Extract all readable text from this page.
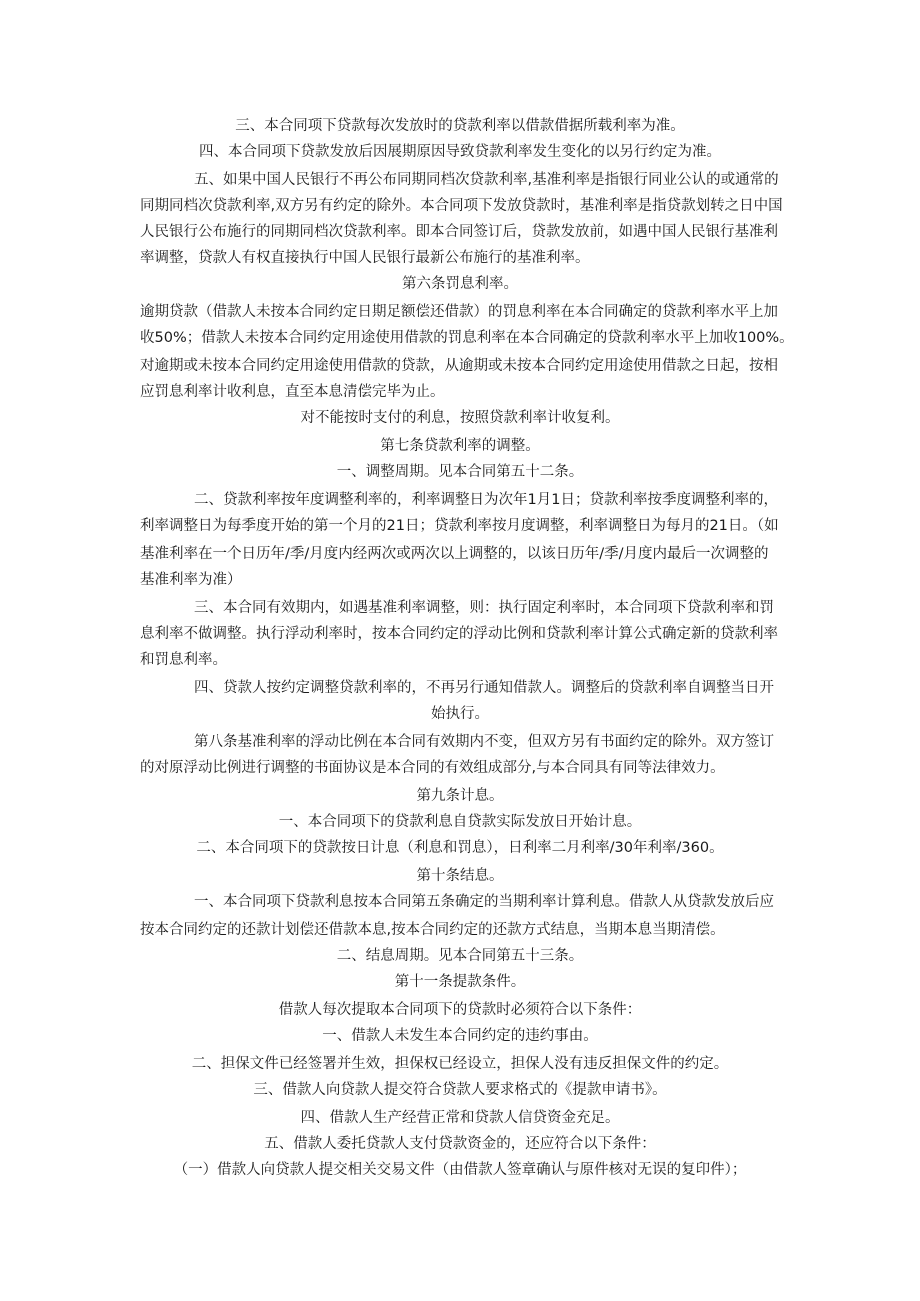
三、本合同项下贷款每次发放时的贷款利率以借款借据所载利率为准。

四、本合同项下贷款发放后因展期原因导致贷款利率发生变化的以另行约定为准。

五、如果中国人民银行不再公布同期同档次贷款利率,基准利率是指银行同业公认的或通常的

同期同档次贷款利率,双方另有约定的除外。本合同项下发放贷款时，基准利率是指贷款划转之日中国

人民银行公布施行的同期同档次贷款利率。即本合同签订后，贷款发放前，如遇中国人民银行基准利

率调整，贷款人有权直接执行中国人民银行最新公布施行的基准利率。

第六条罚息利率。

逾期贷款（借款人未按本合同约定日期足额偿还借款）的罚息利率在本合同确定的贷款利率水平上加

收50%；借款人未按本合同约定用途使用借款的罚息利率在本合同确定的贷款利率水平上加收100%。

对逾期或未按本合同约定用途使用借款的贷款，从逾期或未按本合同约定用途使用借款之日起，按相

应罚息利率计收利息，直至本息清偿完毕为止。

对不能按时支付的利息，按照贷款利率计收复利。

第七条贷款利率的调整。

一、调整周期。见本合同第五十二条。

二、贷款利率按年度调整利率的，利率调整日为次年1月1日；贷款利率按季度调整利率的，

利率调整日为每季度开始的第一个月的21日；贷款利率按月度调整，利率调整日为每月的21日。（如

基准利率在一个日历年/季/月度内经两次或两次以上调整的，以该日历年/季/月度内最后一次调整的

基准利率为准）

三、本合同有效期内，如遇基准利率调整，则：执行固定利率时，本合同项下贷款利率和罚

息利率不做调整。执行浮动利率时，按本合同约定的浮动比例和贷款利率计算公式确定新的贷款利率

和罚息利率。

四、贷款人按约定调整贷款利率的，不再另行通知借款人。调整后的贷款利率自调整当日开

始执行。

第八条基准利率的浮动比例在本合同有效期内不变，但双方另有书面约定的除外。双方签订

的对原浮动比例进行调整的书面协议是本合同的有效组成部分,与本合同具有同等法律效力。

第九条计息。

一、本合同项下的贷款利息自贷款实际发放日开始计息。

二、本合同项下的贷款按日计息（利息和罚息），日利率二月利率/30年利率/360。

第十条结息。

一、本合同项下贷款利息按本合同第五条确定的当期利率计算利息。借款人从贷款发放后应

按本合同约定的还款计划偿还借款本息,按本合同约定的还款方式结息，当期本息当期清偿。

二、结息周期。见本合同第五十三条。

第十一条提款条件。

借款人每次提取本合同项下的贷款时必须符合以下条件：

一、借款人未发生本合同约定的违约事由。

二、担保文件已经签署并生效，担保权已经设立，担保人没有违反担保文件的约定。

三、借款人向贷款人提交符合贷款人要求格式的《提款申请书》。

四、借款人生产经营正常和贷款人信贷资金充足。

五、借款人委托贷款人支付贷款资金的，还应符合以下条件：

（一）借款人向贷款人提交相关交易文件（由借款人签章确认与原件核对无误的复印件）；
